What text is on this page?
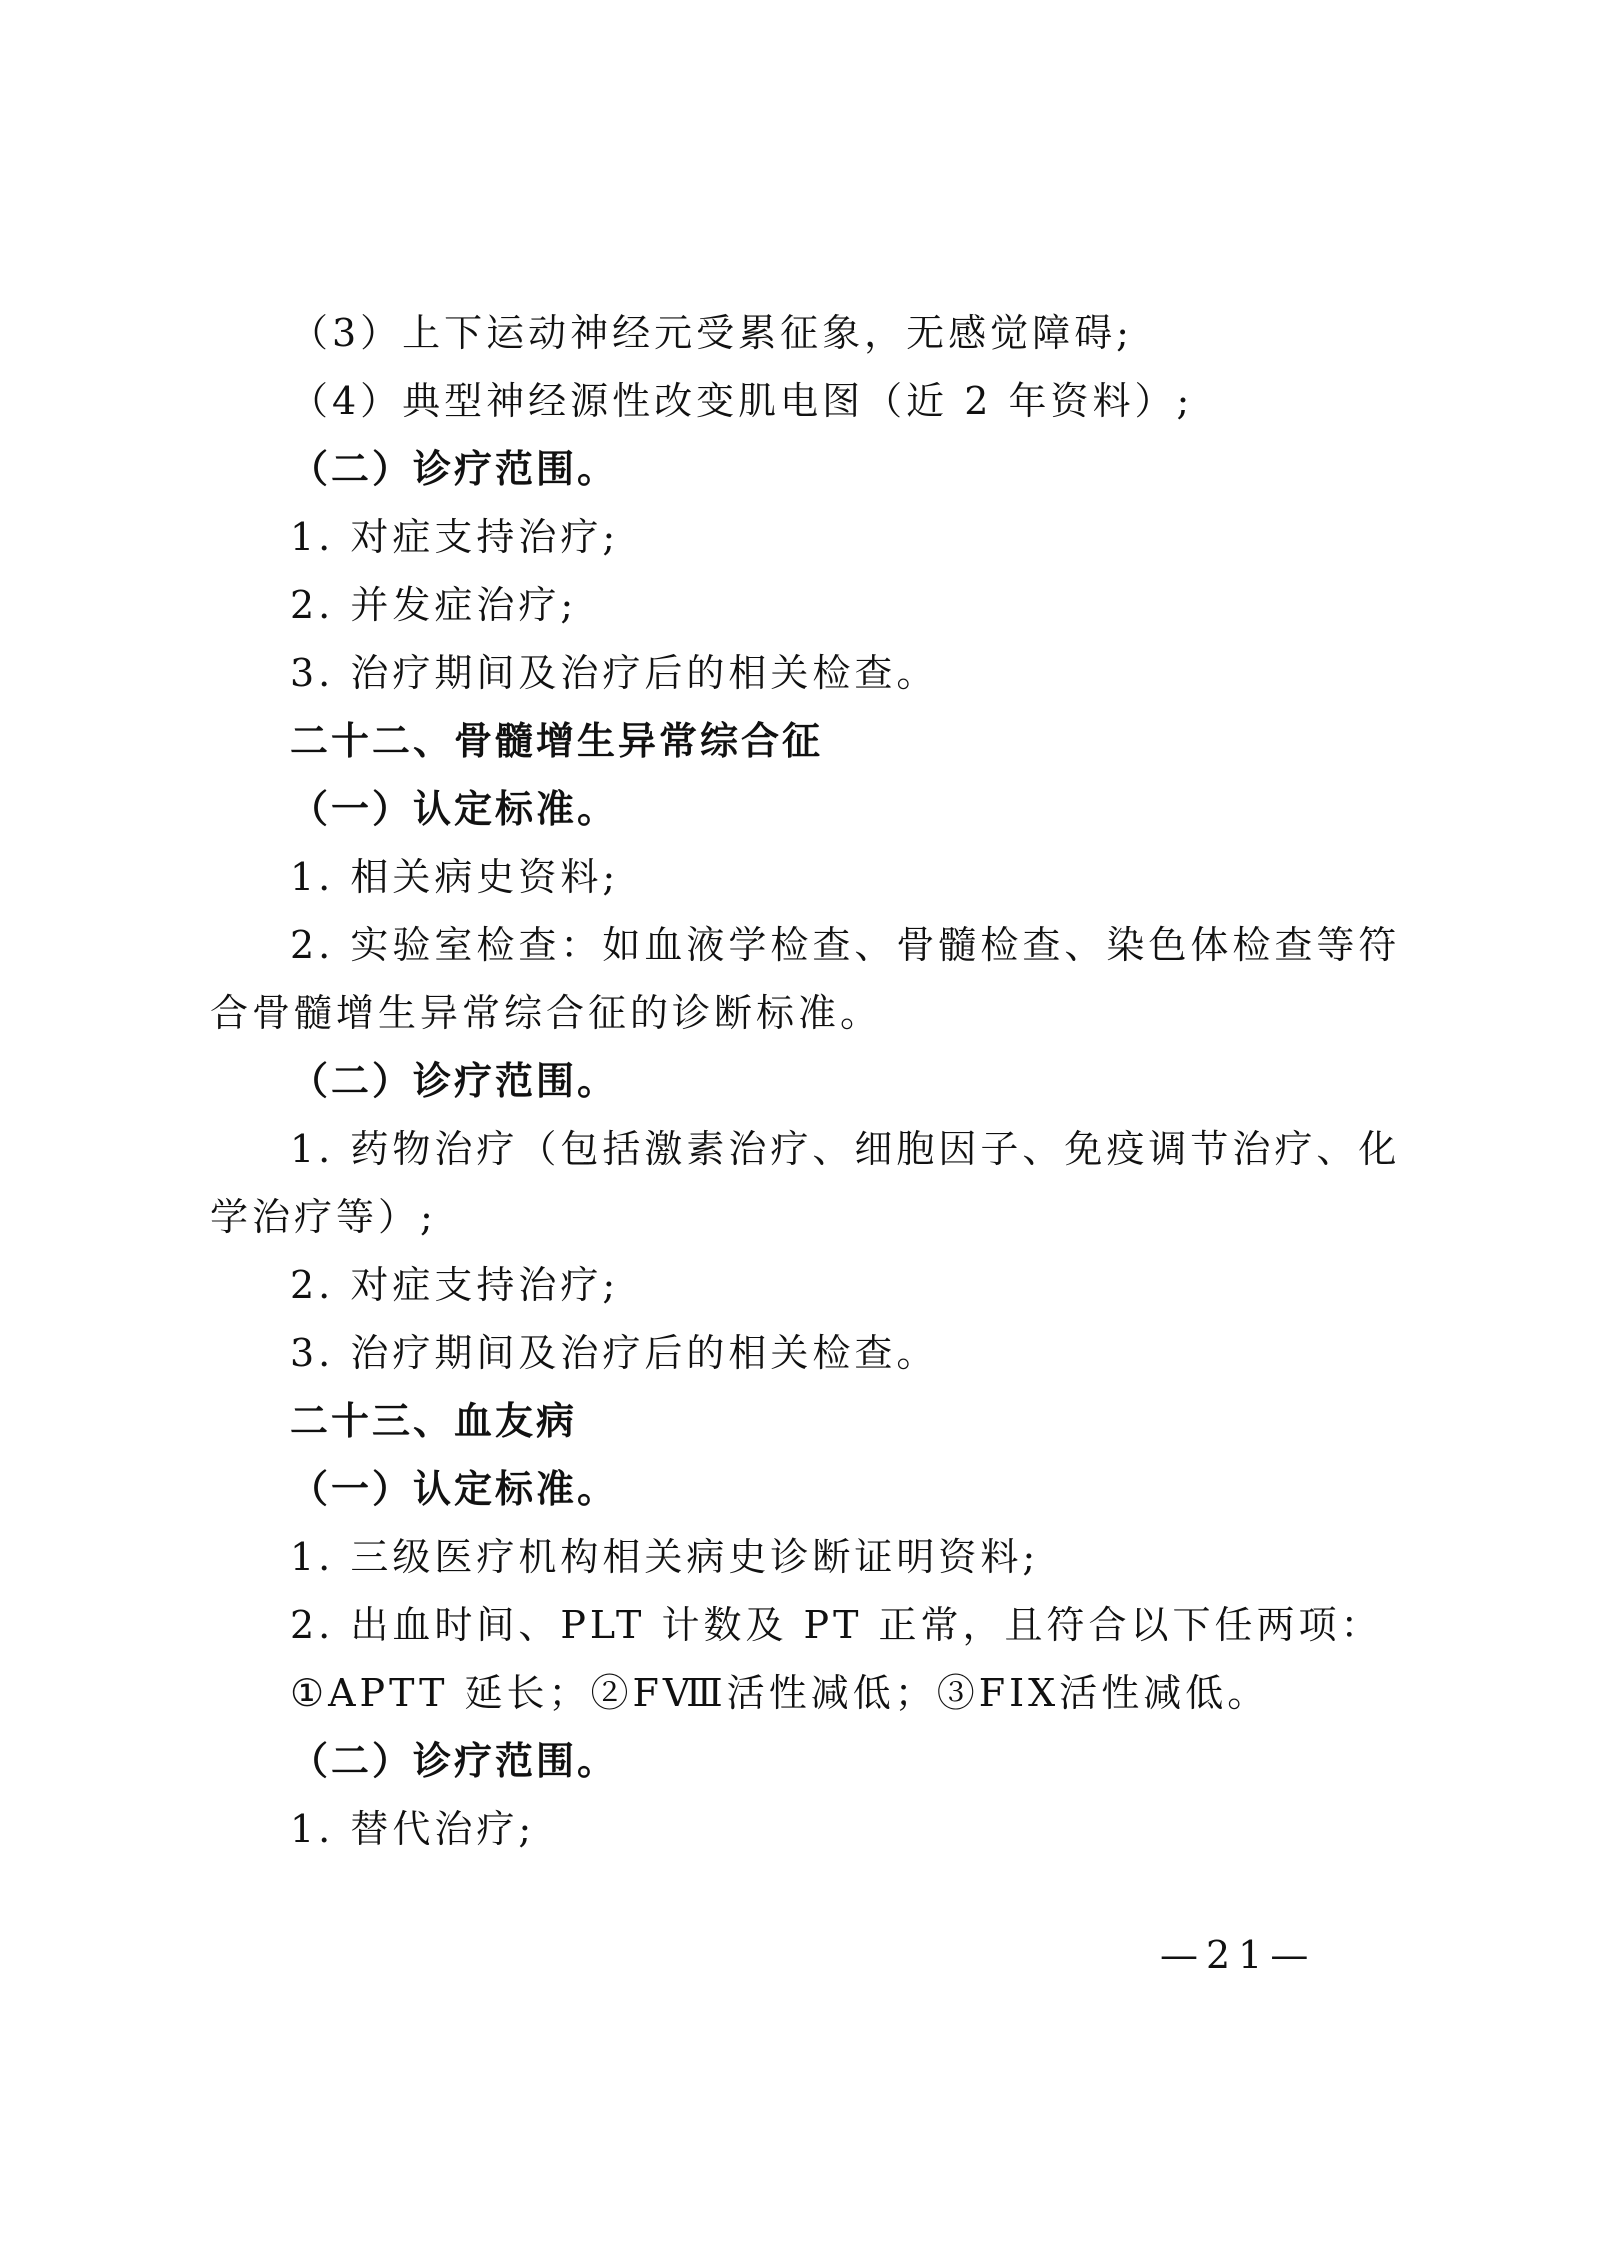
（3）上下运动神经元受累征象，无感觉障碍;
（4）典型神经源性改变肌电图（近 2 年资料）;
（二）诊疗范围。
1. 对症支持治疗;
2. 并发症治疗;
3. 治疗期间及治疗后的相关检查。
二十二、骨髓增生异常综合征
（一）认定标准。
1. 相关病史资料;
2. 实验室检查：如血液学检查、骨髓检查、染色体检查等符
合骨髓增生异常综合征的诊断标准。
（二）诊疗范围。
1. 药物治疗（包括激素治疗、细胞因子、免疫调节治疗、化
学治疗等）;
2. 对症支持治疗;
3. 治疗期间及治疗后的相关检查。
二十三、血友病
（一）认定标准。
1. 三级医疗机构相关病史诊断证明资料;
2. 出血时间、PLT 计数及 PT 正常，且符合以下任两项：
①APTT 延长；②FⅧ活性减低；③FIX活性减低。
（二）诊疗范围。
1. 替代治疗;
—21—
